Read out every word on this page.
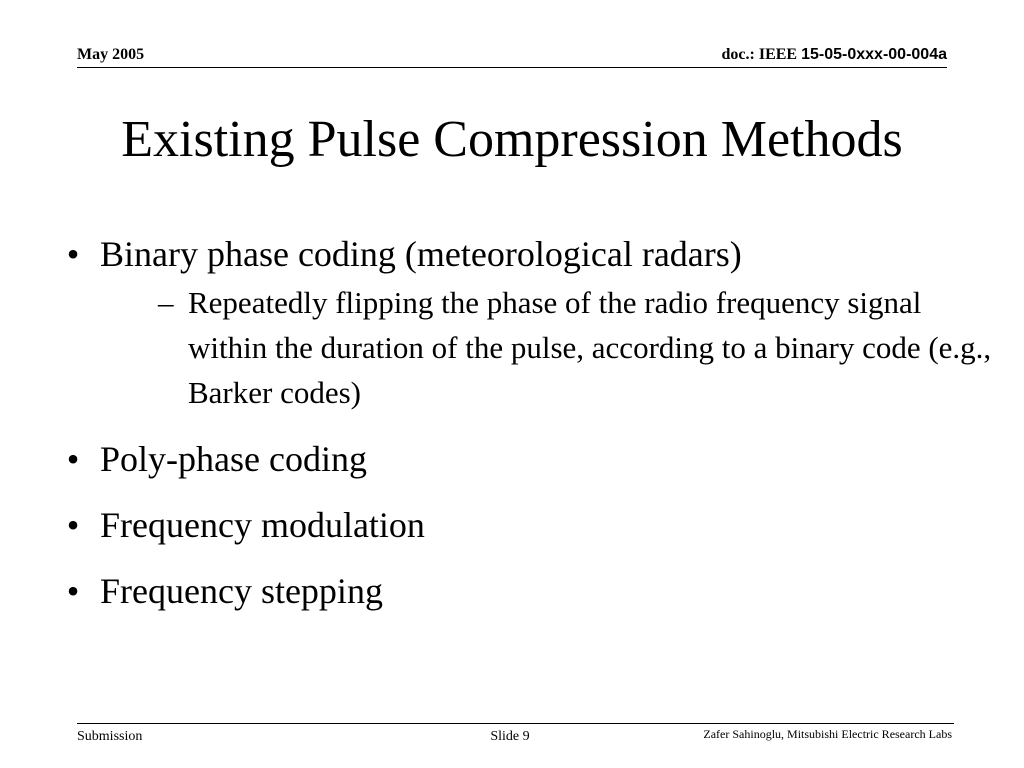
May 2005	doc.: IEEE 15-05-0xxx-00-004a
Existing Pulse Compression Methods
• Binary phase coding (meteorological radars)
– Repeatedly flipping the phase of the radio frequency signal within the duration of the pulse, according to a binary code (e.g., Barker codes)
• Poly-phase coding
• Frequency modulation
• Frequency stepping
Submission	Slide 9	Zafer Sahinoglu, Mitsubishi Electric Research Labs
